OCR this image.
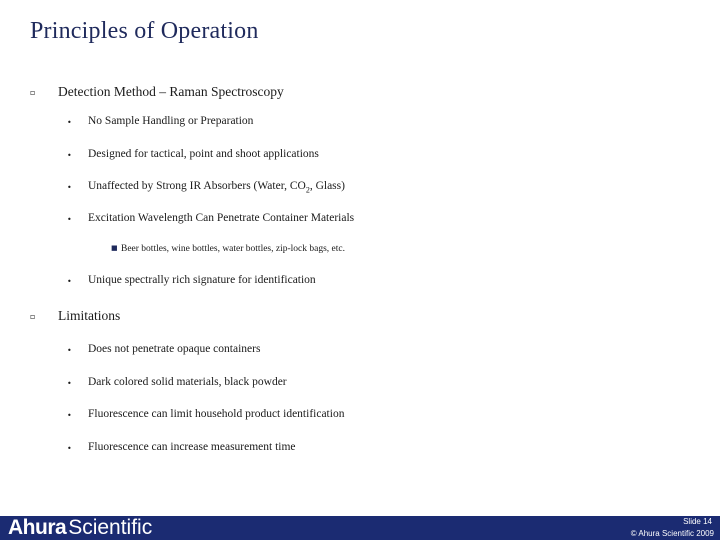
Principles of Operation
▫ Detection Method – Raman Spectroscopy
• No Sample Handling or Preparation
• Designed for tactical, point and shoot applications
• Unaffected by Strong IR Absorbers (Water, $CO_2$, Glass)
• Excitation Wavelength Can Penetrate Container Materials
■ Beer bottles, wine bottles, water bottles, zip-lock bags, etc.
• Unique spectrally rich signature for identification
▫ Limitations
• Does not penetrate opaque containers
• Dark colored solid materials, black powder
• Fluorescence can limit household product identification
• Fluorescence can increase measurement time
AhuraScientific	Slide 14
© Ahura Scientific 2009
